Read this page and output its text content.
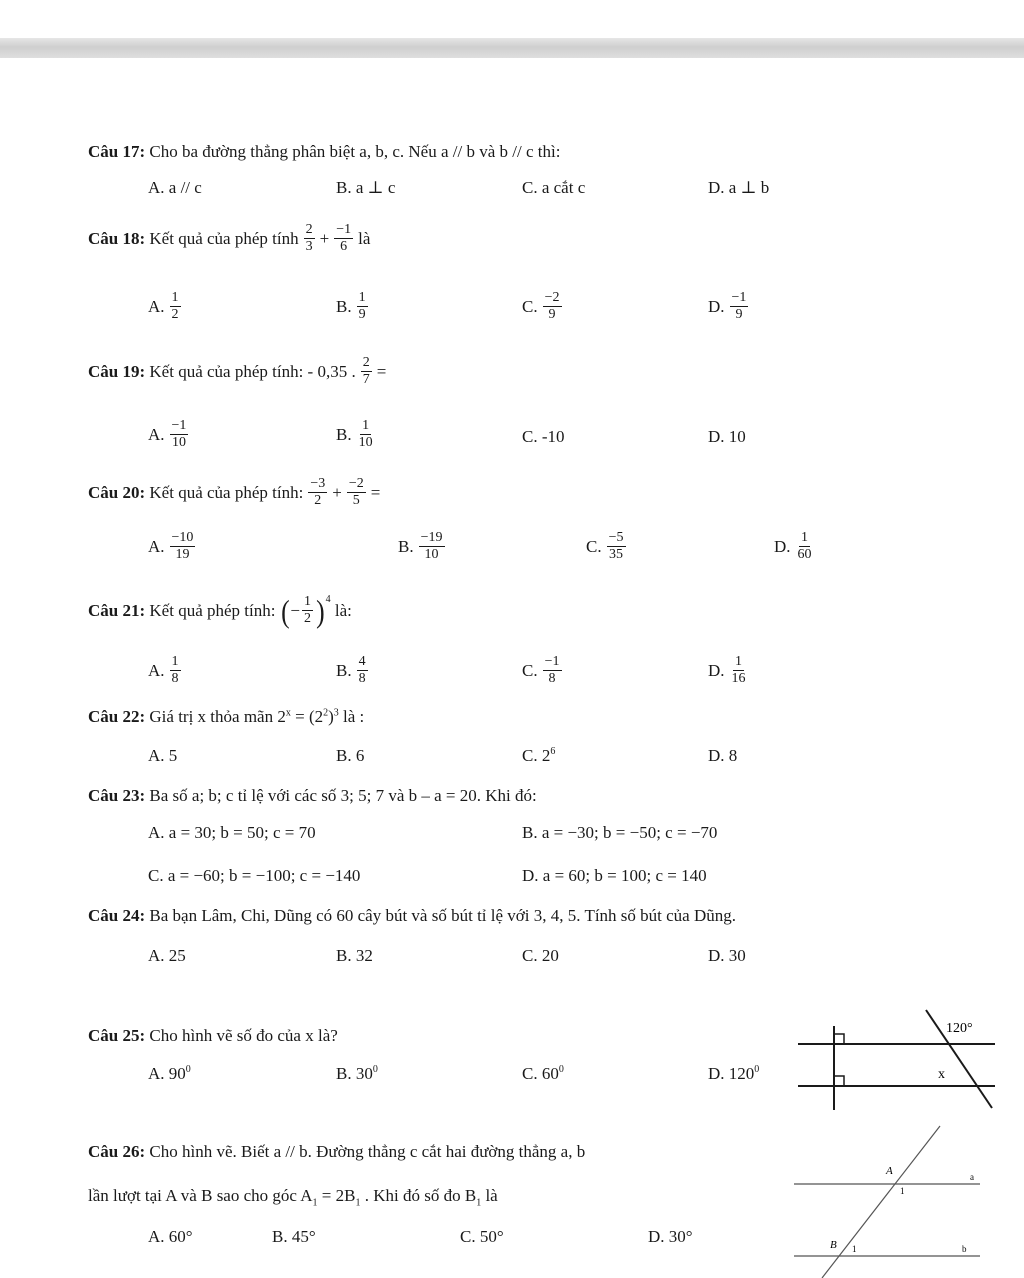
Câu 17: Cho ba đường thẳng phân biệt a, b, c. Nếu a // b và b // c thì:
A. a // c	B. a ⊥ c	C. a cắt c	D. a ⊥ b
Câu 18:
Kết quả của phép tính $\frac{2}{3} + \frac{-1}{6}$ là
A. $\frac{1}{2}$	B. $\frac{1}{9}$	C. $\frac{-2}{9}$	D. $\frac{-1}{9}$
Câu 19:
Kết quả của phép tính: - 0,35 . $\frac{2}{7}$ =
A. $\frac{-1}{10}$	B. $\frac{1}{10}$	C.
-10	D.
10
Câu 20:
Kết quả của phép tính: $\frac{-3}{2} + \frac{-2}{5}$ =
A. $\frac{-10}{19}$	B. $\frac{-19}{10}$	C. $\frac{-5}{35}$	D. $\frac{1}{60}$
Câu 21:
Kết quả phép tính:
( − $\frac{1}{2} )^4$

là:
A. $\frac{1}{8}$	B. $\frac{4}{8}$	C. $\frac{-1}{8}$	D. $\frac{1}{16}$
Câu 22: Giá trị x thỏa mãn $2^x = (2^2)^3$ là :
A. 5	B. 6	C. $2^6$	D. 8
Câu 23: Ba số a; b; c tỉ lệ với các số 3; 5; 7 và b – a = 20. Khi đó:
A. a = 30; b = 50; c = 70	B. a = −30; b = −50; c = −70
C. a = −60; b = −100; c = −140	D. a = 60; b = 100; c = 140
Câu 24: Ba bạn Lâm, Chi, Dũng có 60 cây bút và số bút tỉ lệ với 3, 4, 5. Tính số bút của Dũng.
A. 25	B. 32	C. 20	D. 30
Câu 25: Cho hình vẽ số đo của x là?
A. $90^0$	B. $30^0$	C. $60^0$	D. $120^0$
120°
x
Câu 26: Cho hình vẽ. Biết a // b. Đường thẳng c cắt hai đường thẳng a, b
lần lượt tại A và B sao cho góc $A_1 = 2B_1$ . Khi đó số đo $B_1$ là
A. 60°	B. 45°	C. 50°	D. 30°
A
1
a
B 1	b
